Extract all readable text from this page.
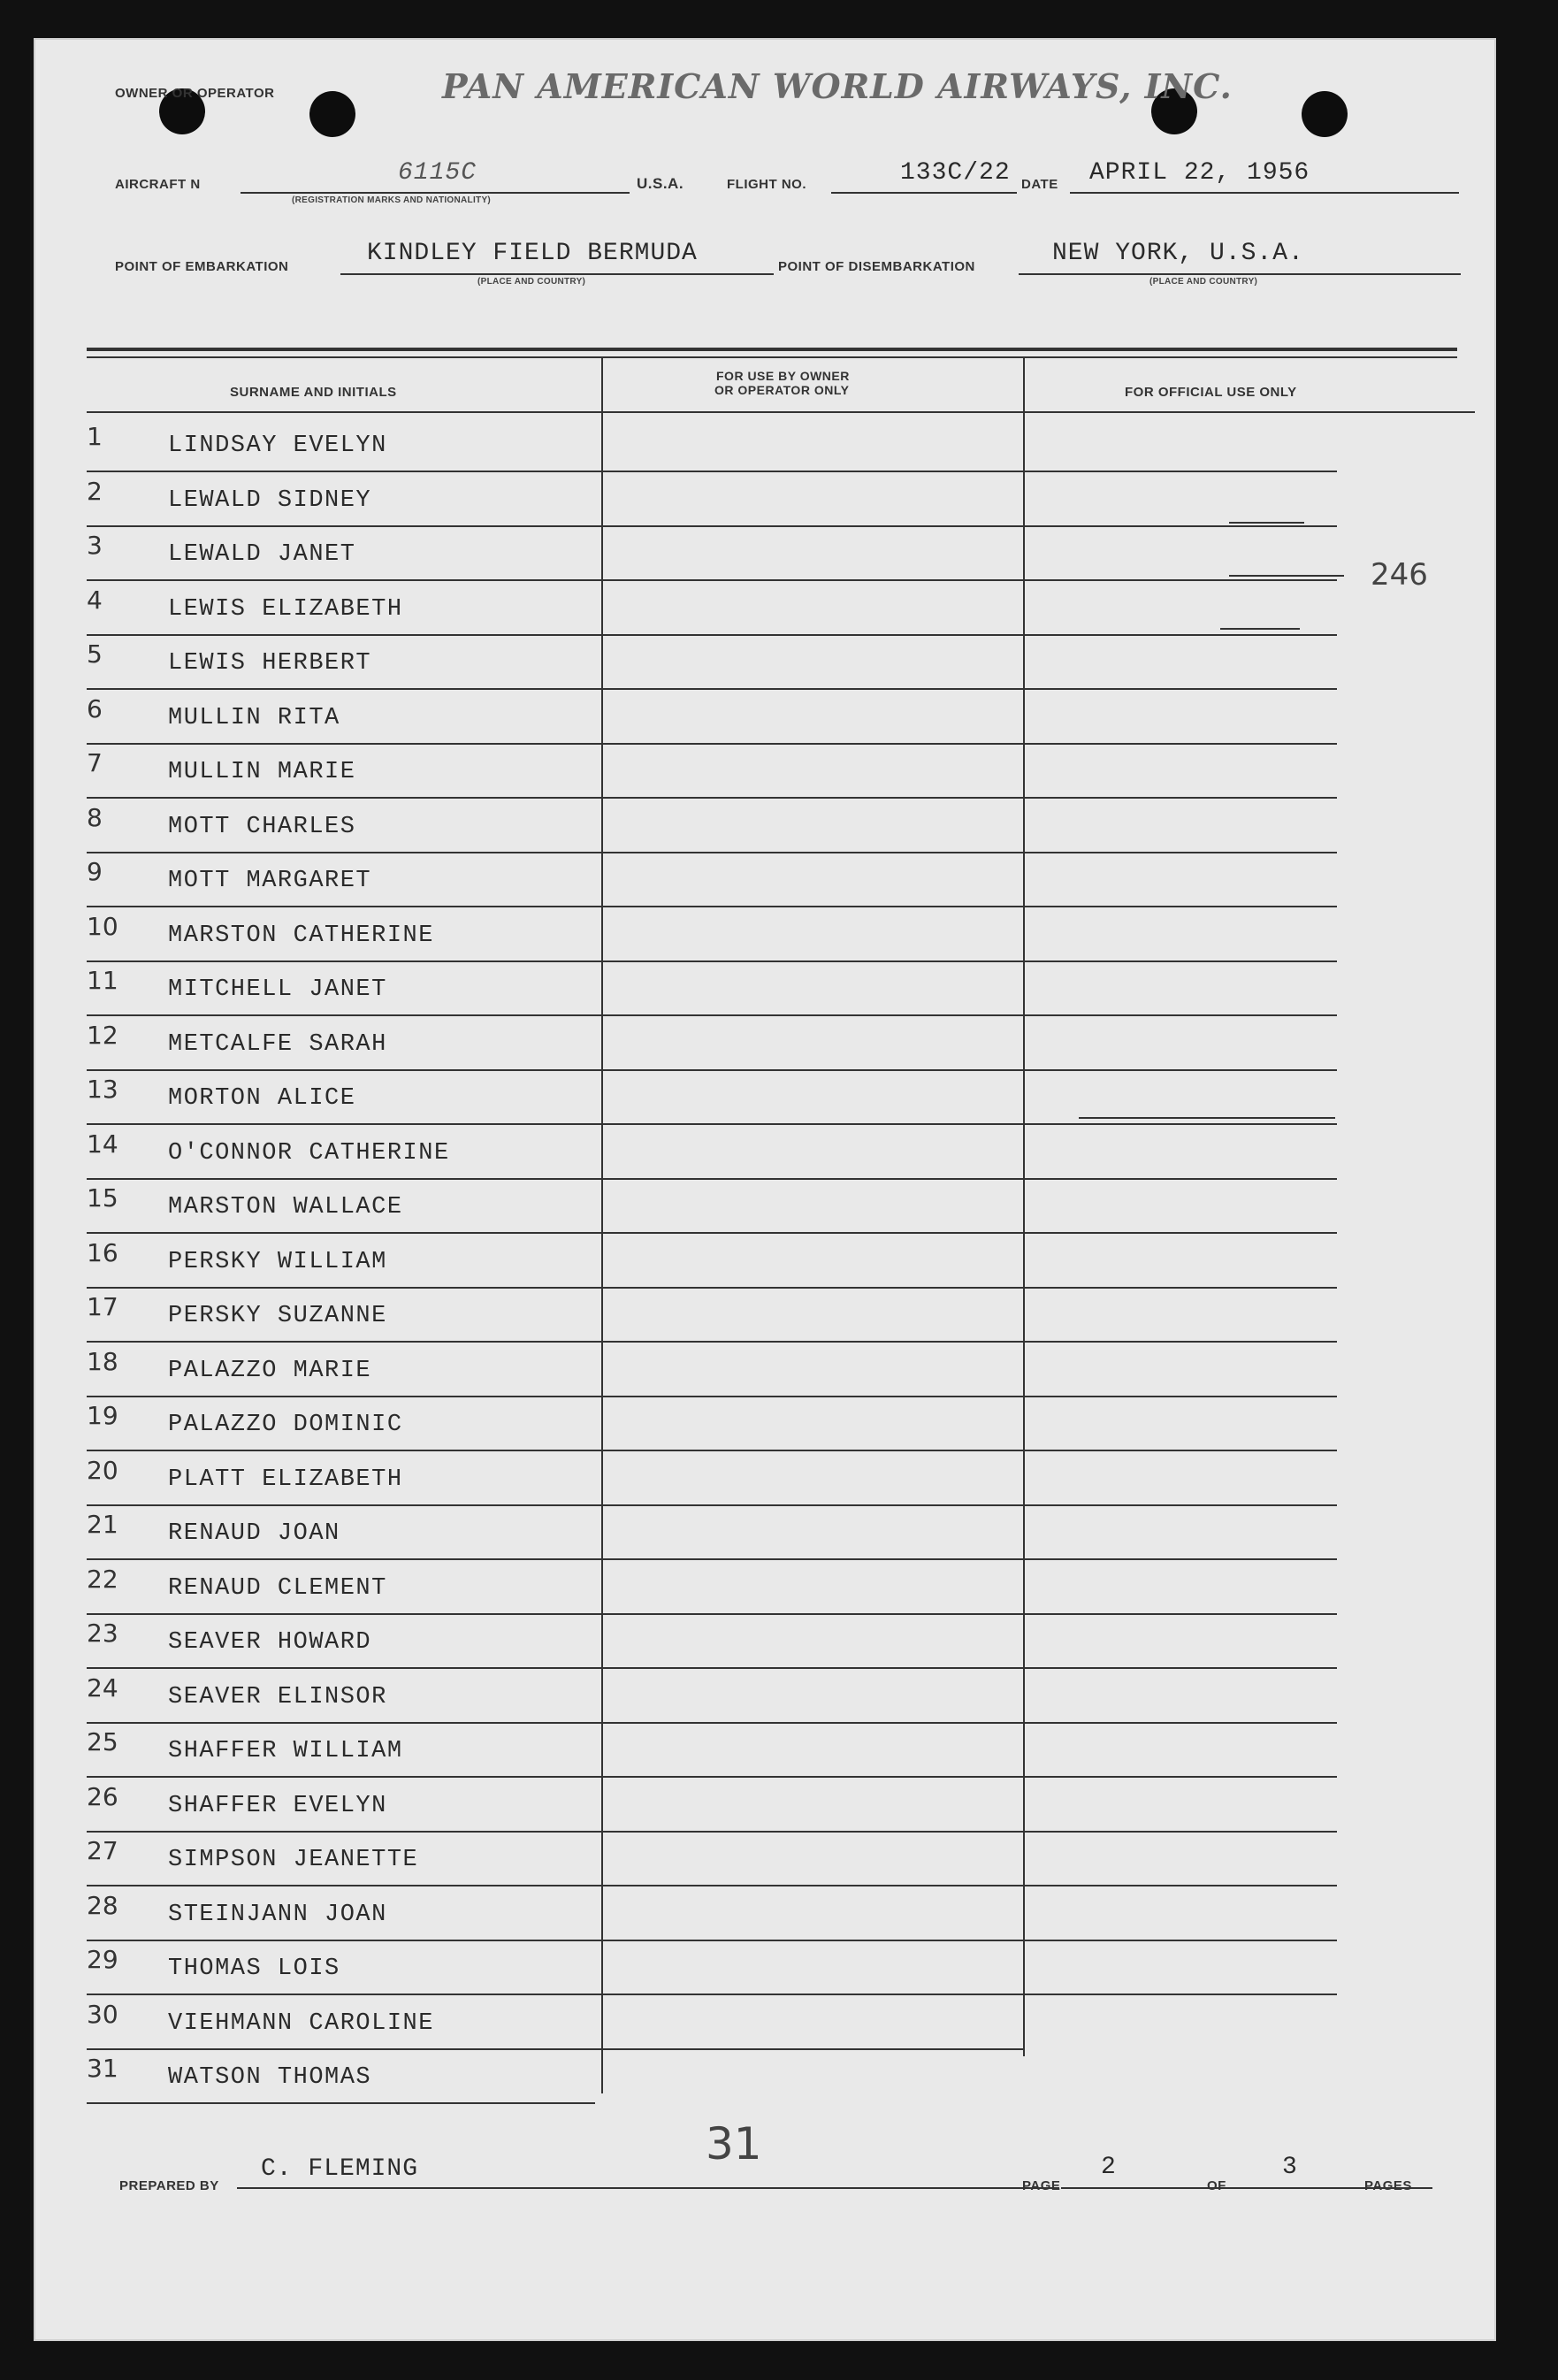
OWNER OR OPERATOR	PAN AMERICAN WORLD AIRWAYS, INC.
AIRCRAFT N	6115C
(REGISTRATION MARKS AND NATIONALITY)
U.S.A.	FLIGHT NO.	133C/22 DATE APRIL 22, 1956
POINT OF EMBARKATION	KINDLEY FIELD BERMUDA
(PLACE AND COUNTRY)
POINT OF DISEMBARKATION	NEW YORK, U.S.A.
(PLACE AND COUNTRY)
SURNAME AND INITIALS
FOR USE BY OWNER
OR OPERATOR ONLY	FOR OFFICIAL USE ONLY
1	LINDSAY EVELYN
2	LEWALD SIDNEY
3	LEWALD JANET
4	LEWIS ELIZABETH
5	LEWIS HERBERT
6	MULLIN RITA
7	MULLIN MARIE
8	MOTT CHARLES
9	MOTT MARGARET
10 MARSTON CATHERINE
11 MITCHELL JANET
12 METCALFE SARAH
13 MORTON ALICE
14 O'CONNOR CATHERINE
15 MARSTON WALLACE
16 PERSKY WILLIAM
17 PERSKY SUZANNE
18 PALAZZO MARIE
19 PALAZZO DOMINIC
20 PLATT ELIZABETH
21 RENAUD JOAN
22 RENAUD CLEMENT
23 SEAVER HOWARD
24 SEAVER ELINSOR
25 SHAFFER WILLIAM
26 SHAFFER EVELYN
27 SIMPSON JEANETTE
28 STEINJANN JOAN
29 THOMAS LOIS
30 VIEHMANN CAROLINE
31 WATSON THOMAS
246
31
PREPARED BY
C. FLEMING
PAGE
2
OF
3
PAGES
